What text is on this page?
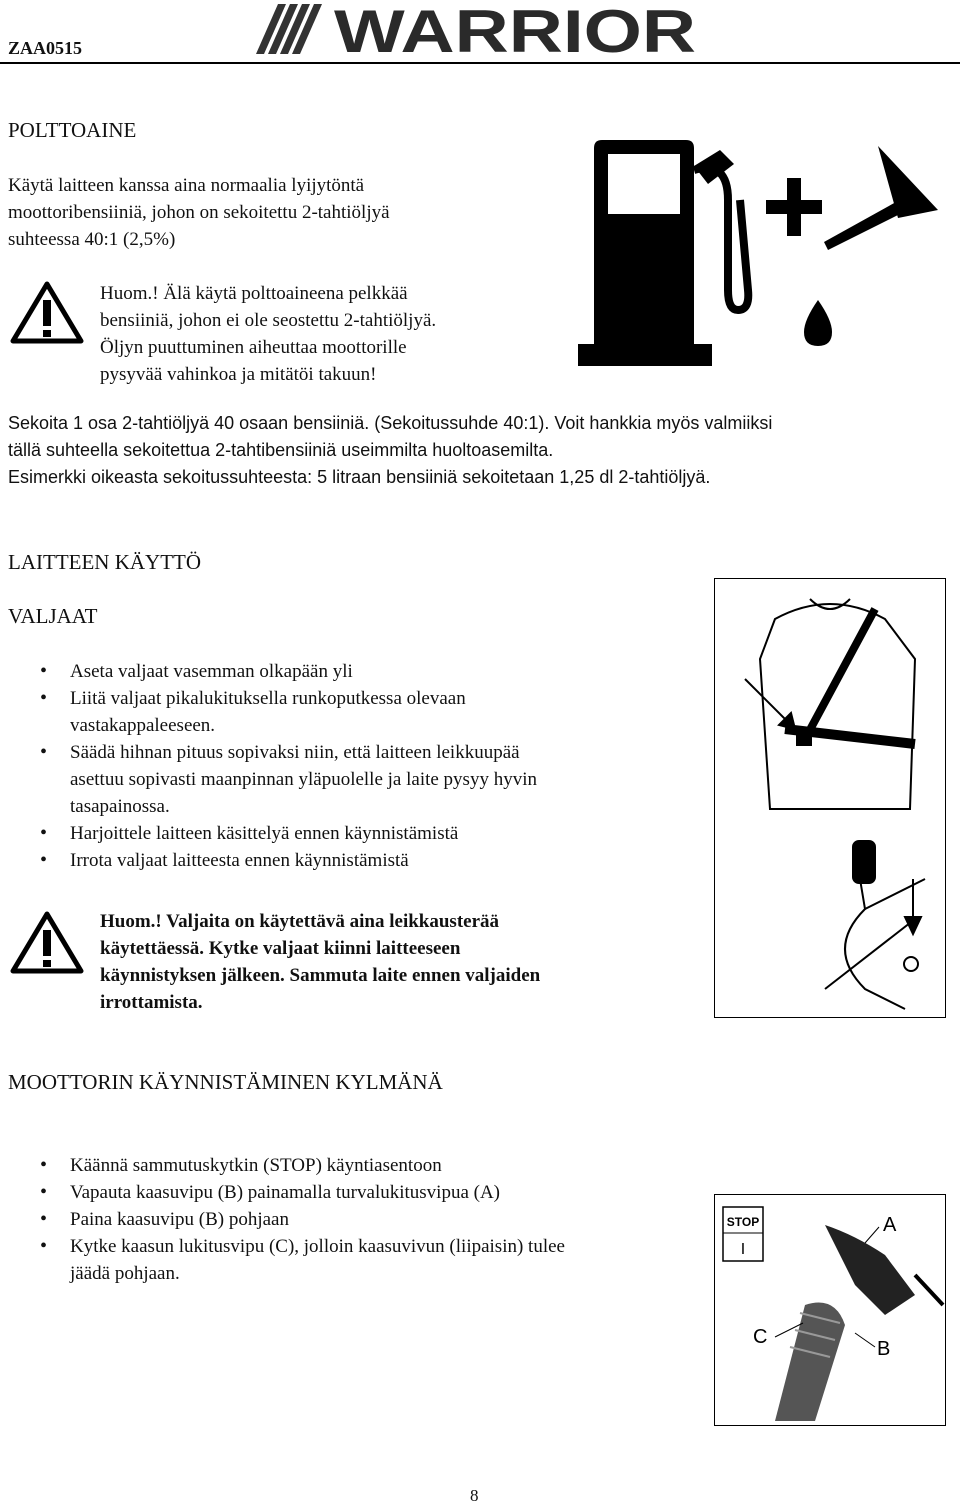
ZAA0515	WARRIOR
POLTTOAINE
Käytä laitteen kanssa aina normaalia lyijytöntä
moottoribensiiniä, johon on sekoitettu 2-tahtiöljyä
suhteessa 40:1 (2,5%)
Huom.! Älä käytä polttoaineena pelkkää
bensiiniä, johon ei ole seostettu 2-tahtiöljyä.
Öljyn puuttuminen aiheuttaa moottorille
pysyvää vahinkoa ja mitätöi takuun!
Sekoita 1 osa 2-tahtiöljyä 40 osaan bensiiniä. (Sekoitussuhde 40:1). Voit hankkia myös valmiiksi
tällä suhteella sekoitettua 2-tahtibensiiniä useimmilta huoltoasemilta.
Esimerkki oikeasta sekoitussuhteesta: 5 litraan bensiiniä sekoitetaan 1,25 dl 2-tahtiöljyä.
LAITTEEN KÄYTTÖ
VALJAAT
• Aseta valjaat vasemman olkapään yli
• Liitä valjaat pikalukituksella runkoputkessa olevaan
vastakappaleeseen.
• Säädä hihnan pituus sopivaksi niin, että laitteen leikkuupää
asettuu sopivasti maanpinnan yläpuolelle ja laite pysyy hyvin
tasapainossa.
• Harjoittele laitteen käsittelyä ennen käynnistämistä
• Irrota valjaat laitteesta ennen käynnistämistä
Huom.! Valjaita on käytettävä aina leikkausterää
käytettäessä. Kytke valjaat kiinni laitteeseen
käynnistyksen jälkeen. Sammuta laite ennen valjaiden
irrottamista.
MOOTTORIN KÄYNNISTÄMINEN KYLMÄNÄ
• Käännä sammutuskytkin (STOP) käyntiasentoon
• Vapauta kaasuvipu (B) painamalla turvalukitusvipua (A)
• Paina kaasuvipu (B) pohjaan
• Kytke kaasun lukitusvipu (C), jolloin kaasuvivun (liipaisin) tulee
jäädä pohjaan.
STOP
I
A
C
B
8
